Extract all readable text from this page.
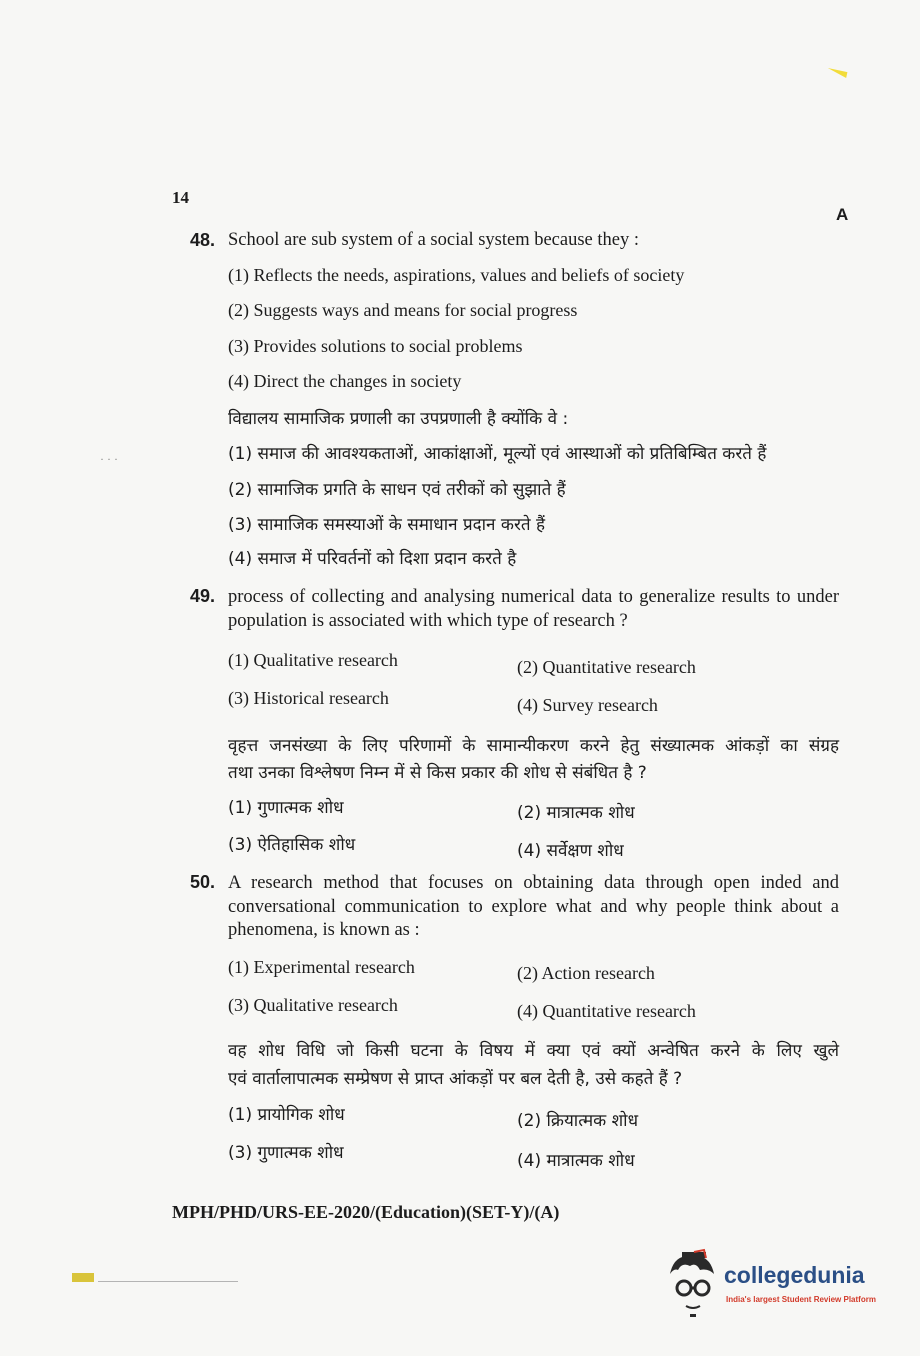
· · ·
14
A
48. School are sub system of a social system because they :
(1) Reflects the needs, aspirations, values and beliefs of society
(2) Suggests ways and means for social progress
(3) Provides solutions to social problems
(4) Direct the changes in society
विद्यालय सामाजिक प्रणाली का उपप्रणाली है क्योंकि वे :
(1) समाज की आवश्यकताओं, आकांक्षाओं, मूल्यों एवं आस्थाओं को प्रतिबिम्बित करते हैं
(2) सामाजिक प्रगति के साधन एवं तरीकों को सुझाते हैं
(3) सामाजिक समस्याओं के समाधान प्रदान करते हैं
(4) समाज में परिवर्तनों को दिशा प्रदान करते है
49. process of collecting and analysing numerical data to generalize results to under
population is associated with which type of research ?
(1) Qualitative research	(2) Quantitative research
(3) Historical research	(4) Survey research
वृहत्त जनसंख्या के लिए परिणामों के सामान्यीकरण करने हेतु संख्यात्मक आंकड़ों का संग्रह
तथा उनका विश्लेषण निम्न में से किस प्रकार की शोध से संबंधित है ?
(1) गुणात्मक शोध	(2) मात्रात्मक शोध
(3) ऐतिहासिक शोध	(4) सर्वेक्षण शोध
50. A research method that focuses on obtaining data through open inded and
conversational communication to explore what and why people think about a
phenomena, is known as :
(1) Experimental research	(2) Action research
(3) Qualitative research	(4) Quantitative research
वह शोध विधि जो किसी घटना के विषय में क्या एवं क्यों अन्वेषित करने के लिए खुले
एवं वार्तालापात्मक सम्प्रेषण से प्राप्त आंकड़ों पर बल देती है, उसे कहते हैं ?
(1) प्रायोगिक शोध	(2) क्रियात्मक शोध
(3) गुणात्मक शोध	(4) मात्रात्मक शोध
MPH/PHD/URS-EE-2020/(Education)(SET-Y)/(A)
collegedunia
India's largest Student Review Platform
